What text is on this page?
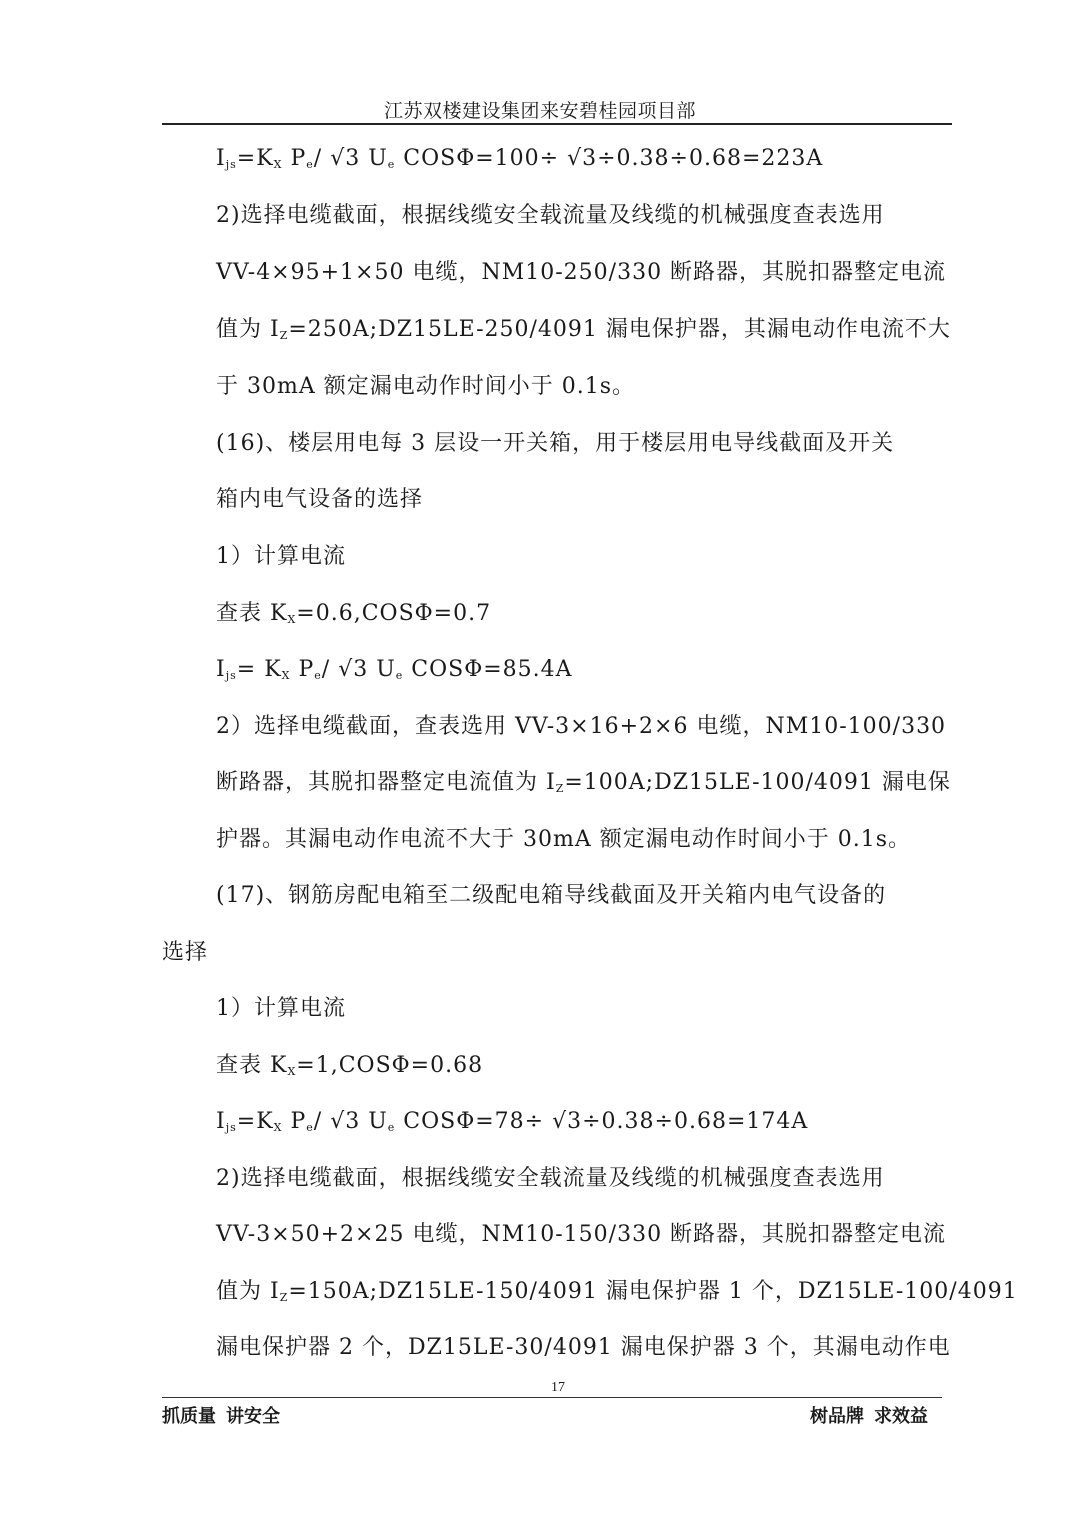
江苏双楼建设集团来安碧桂园项目部
$I_{js}=K_X$ $P_e/$ √3 $U_e$ COSΦ=100÷ √3÷0.38÷0.68=223A
2)选择电缆截面，根据线缆安全载流量及线缆的机械强度查表选用
VV-4×95+1×50 电缆，NM10-250/330 断路器，其脱扣器整定电流
值为 $I_Z=250A;DZ15LE-250/4091$ 漏电保护器，其漏电动作电流不大
于 30mA 额定漏电动作时间小于 0.1s。
(16)、楼层用电每 3 层设一开关箱，用于楼层用电导线截面及开关
箱内电气设备的选择
1）计算电流
查表 $K_X=0.6,COS\Phi=0.7$
$I_{js}= K_X$ $P_e/$ √3 $U_e$ COSΦ=85.4A
2）选择电缆截面，查表选用 VV-3×16+2×6 电缆，NM10-100/330
断路器，其脱扣器整定电流值为 $I_Z=100A;DZ15LE-100/4091$ 漏电保
护器。其漏电动作电流不大于 30mA 额定漏电动作时间小于 0.1s。
(17)、钢筋房配电箱至二级配电箱导线截面及开关箱内电气设备的
选择
1）计算电流
查表 $K_X=1,COS\Phi=0.68$
$I_{js}=K_X$ $P_e/$ √3 $U_e$ COSΦ=78÷ √3÷0.38÷0.68=174A
2)选择电缆截面，根据线缆安全载流量及线缆的机械强度查表选用
VV-3×50+2×25 电缆，NM10-150/330 断路器，其脱扣器整定电流
值为 $I_Z=150A;DZ15LE-150/4091$ 漏电保护器 1 个，DZ15LE-100/4091
漏电保护器 2 个，DZ15LE-30/4091 漏电保护器 3 个，其漏电动作电
17
抓质量  讲安全	树品牌  求效益
